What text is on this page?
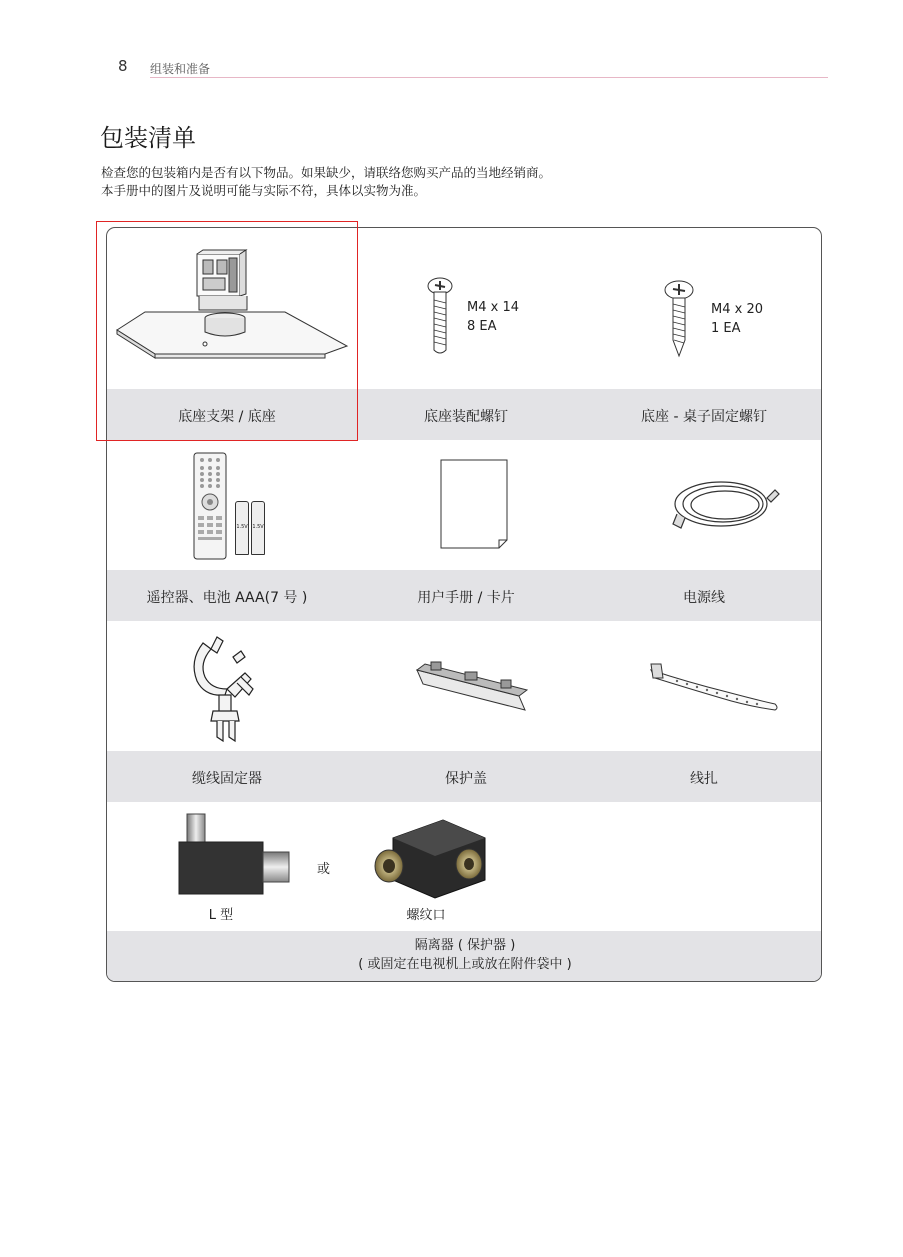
8 组装和准备
包装清单
检查您的包装箱内是否有以下物品。如果缺少，请联络您购买产品的当地经销商。
本手册中的图片及说明可能与实际不符，具体以实物为准。
M4 x 14
8 EA
M4 x 20
1 EA
底座支架 / 底座	底座装配螺钉	底座 - 桌子固定螺钉
1.5V 1.5V
遥控器、电池 AAA(7 号 )	用户手册 / 卡片	电源线
缆线固定器	保护盖	线扎
或
L 型	螺纹口
隔离器 ( 保护器 )
( 或固定在电视机上或放在附件袋中 )
